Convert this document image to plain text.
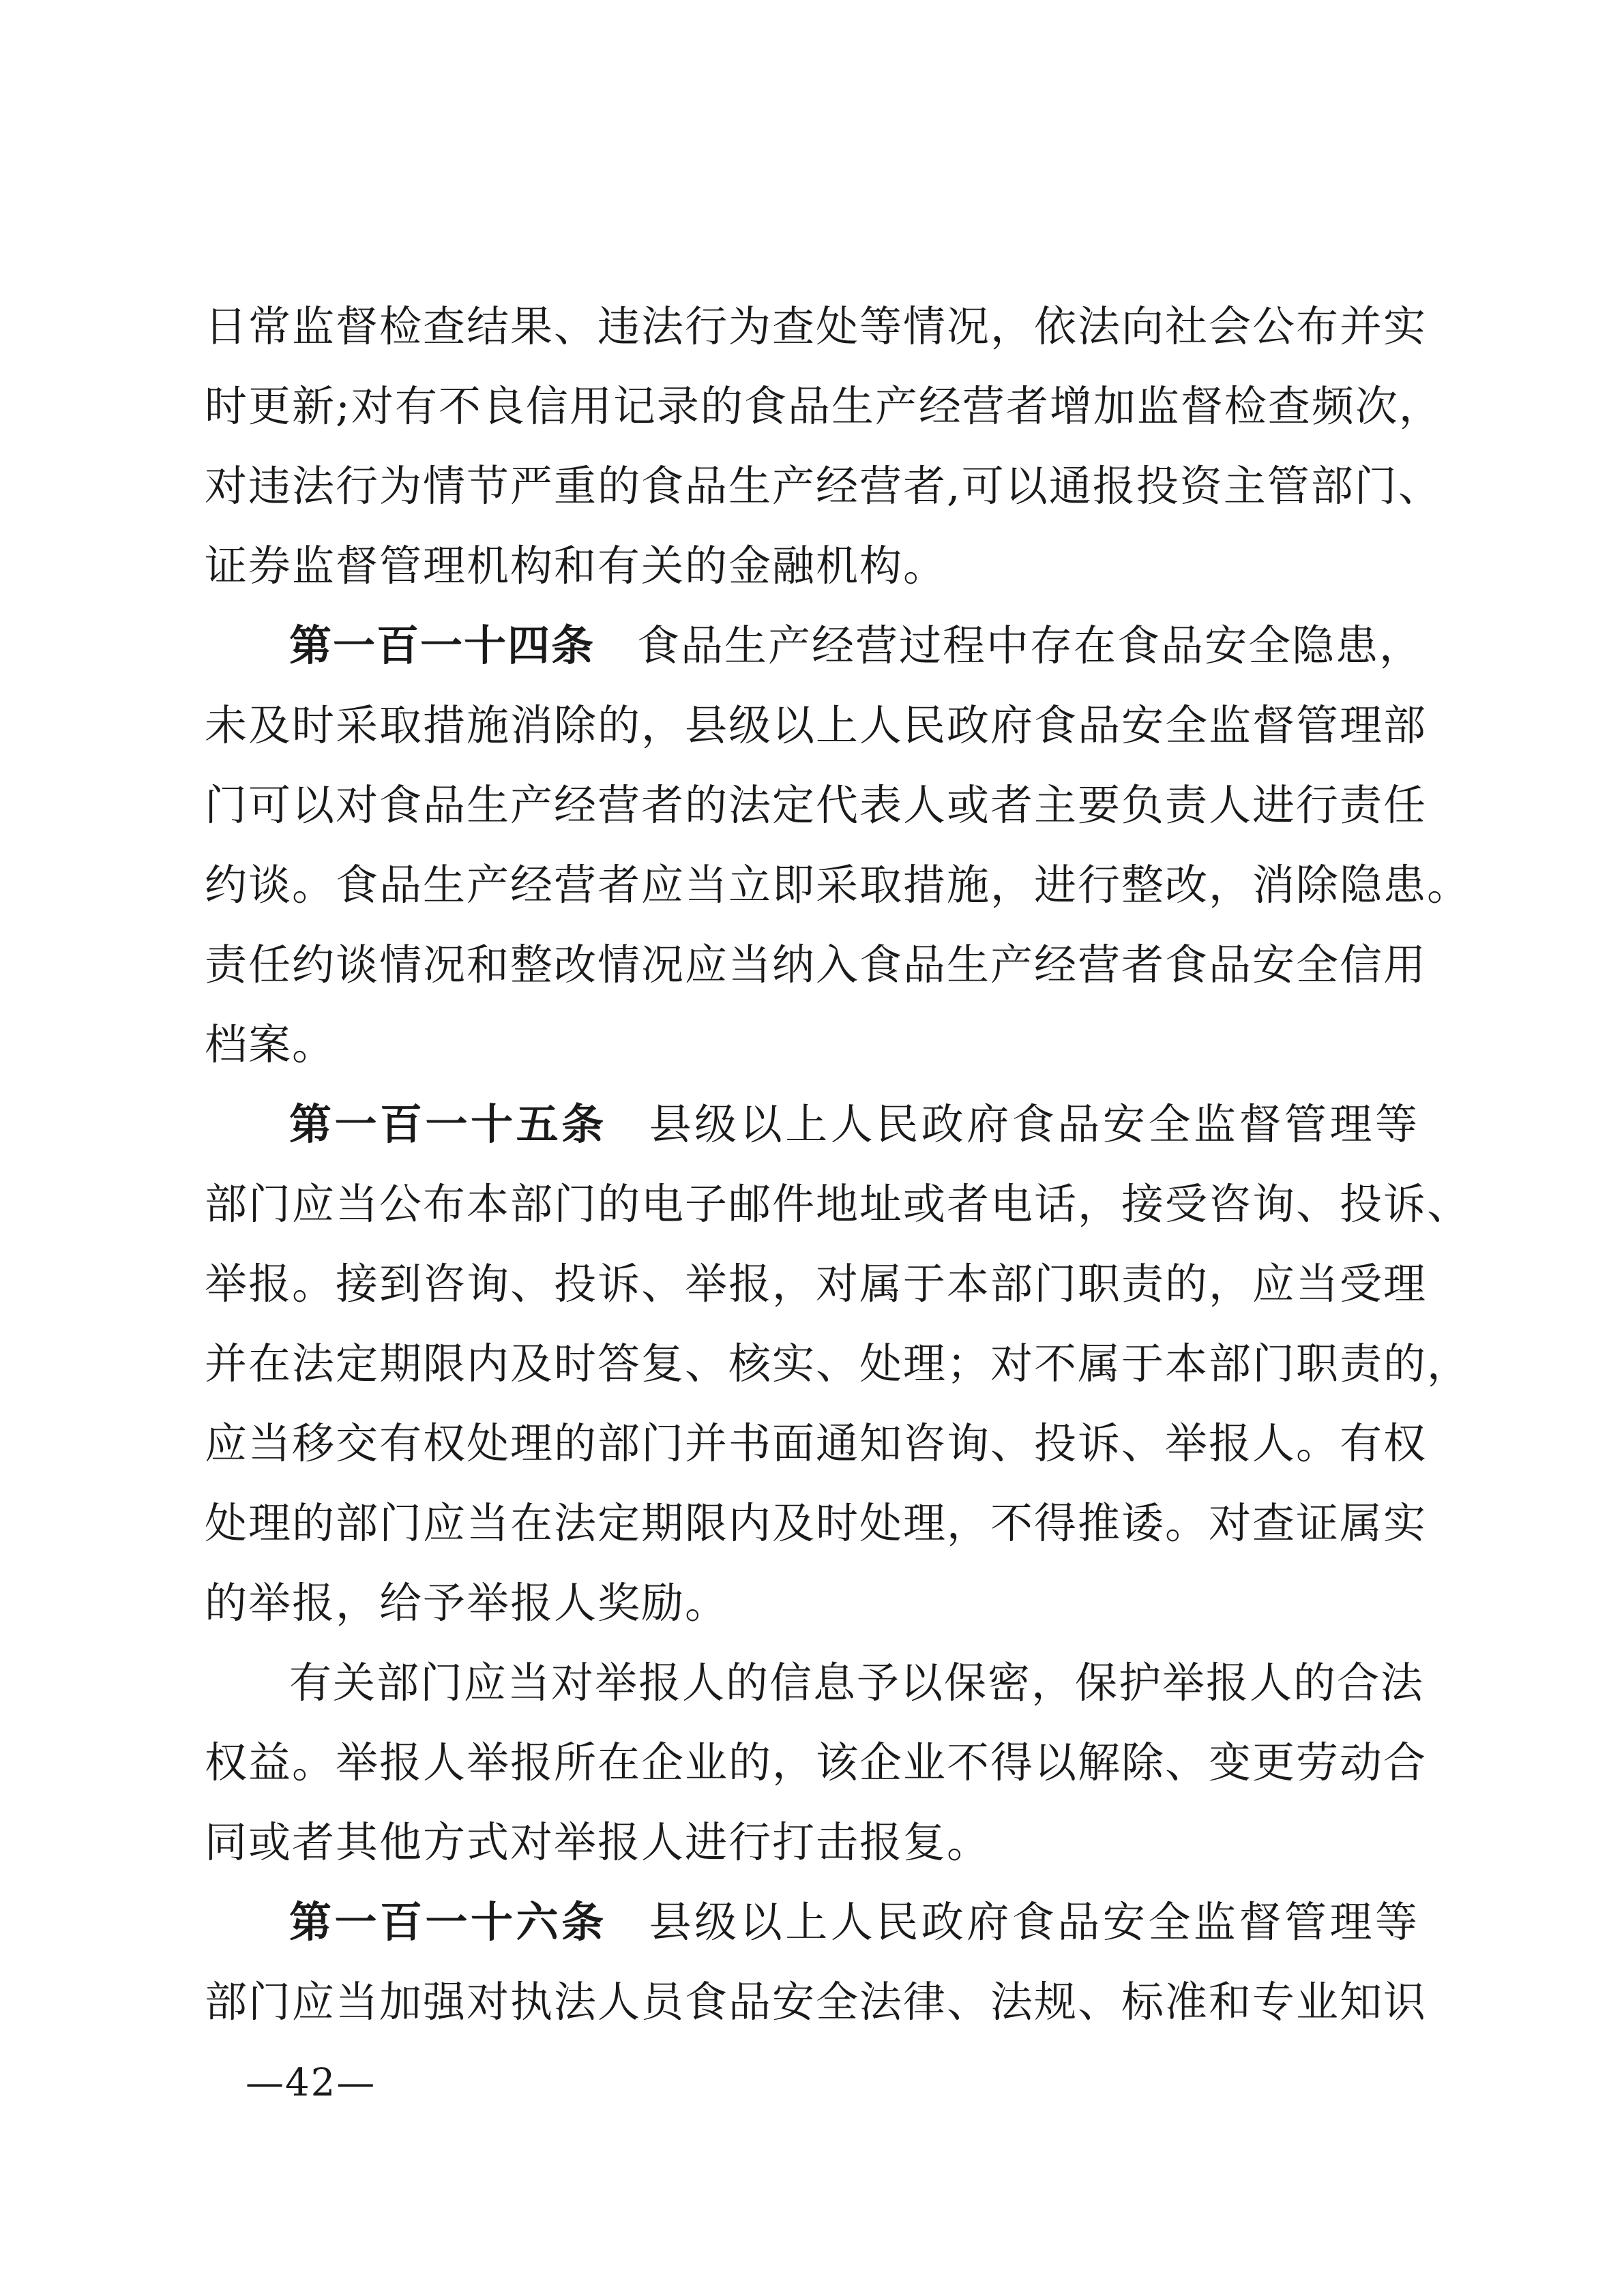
日常监督检查结果、违法行为查处等情况，依法向社会公布并实
时更新;对有不良信用记录的食品生产经营者增加监督检查频次，
对违法行为情节严重的食品生产经营者,可以通报投资主管部门、
证券监督管理机构和有关的金融机构。
第一百一十四条 食品生产经营过程中存在食品安全隐患，
未及时采取措施消除的，县级以上人民政府食品安全监督管理部
门可以对食品生产经营者的法定代表人或者主要负责人进行责任
约谈。食品生产经营者应当立即采取措施，进行整改，消除隐患。
责任约谈情况和整改情况应当纳入食品生产经营者食品安全信用
档案。
第一百一十五条 县级以上人民政府食品安全监督管理等
部门应当公布本部门的电子邮件地址或者电话，接受咨询、投诉、
举报。接到咨询、投诉、举报，对属于本部门职责的，应当受理
并在法定期限内及时答复、核实、处理；对不属于本部门职责的，
应当移交有权处理的部门并书面通知咨询、投诉、举报人。有权
处理的部门应当在法定期限内及时处理，不得推诿。对查证属实
的举报，给予举报人奖励。
有关部门应当对举报人的信息予以保密，保护举报人的合法
权益。举报人举报所在企业的，该企业不得以解除、变更劳动合
同或者其他方式对举报人进行打击报复。
第一百一十六条 县级以上人民政府食品安全监督管理等
部门应当加强对执法人员食品安全法律、法规、标准和专业知识
—42—
